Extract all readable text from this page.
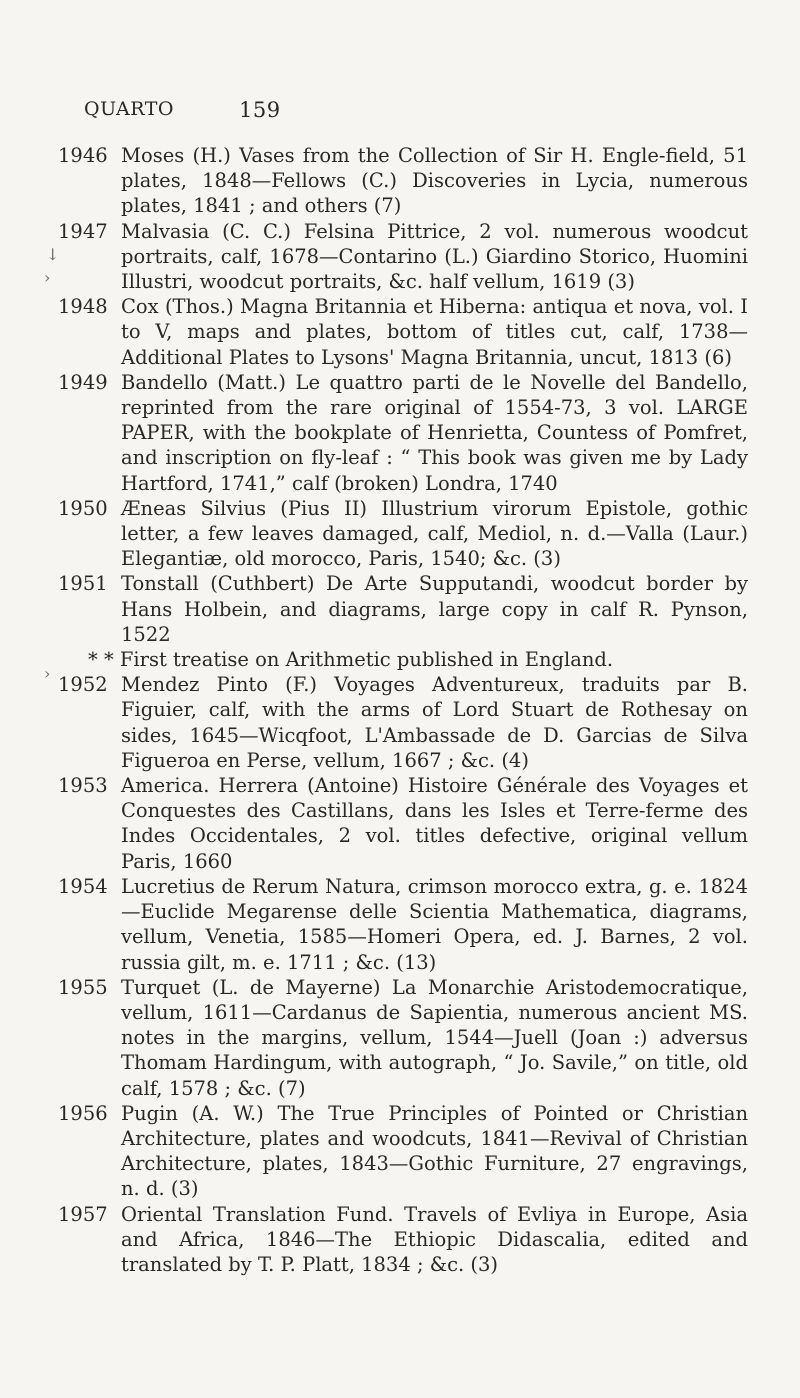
QUARTO	159
↓
›
›
1946 Moses (H.) Vases from the Collection of Sir H. Engle-field, 51 plates, 1848—Fellows (C.) Discoveries in Lycia, numerous plates, 1841 ; and others (7)
1947 Malvasia (C. C.) Felsina Pittrice, 2 vol. numerous woodcut portraits, calf, 1678—Contarino (L.) Giardino Storico, Huomini Illustri, woodcut portraits, &c. half vellum, 1619 (3)
1948 Cox (Thos.) Magna Britannia et Hiberna: antiqua et nova, vol. I to V, maps and plates, bottom of titles cut, calf, 1738—Additional Plates to Lysons' Magna Britannia, uncut, 1813 (6)
1949 Bandello (Matt.) Le quattro parti de le Novelle del Bandello, reprinted from the rare original of 1554-73, 3 vol. LARGE PAPER, with the bookplate of Henrietta, Countess of Pomfret, and inscription on fly-leaf : “ This book was given me by Lady Hartford, 1741,” calf (broken) Londra, 1740
1950 Æneas Silvius (Pius II) Illustrium virorum Epistole, gothic letter, a few leaves damaged, calf, Mediol, n. d.—Valla (Laur.) Elegantiæ, old morocco, Paris, 1540; &c. (3)
1951 Tonstall (Cuthbert) De Arte Supputandi, woodcut border by Hans Holbein, and diagrams, large copy in calf R. Pynson, 1522
* * First treatise on Arithmetic published in England.
1952 Mendez Pinto (F.) Voyages Adventureux, traduits par B. Figuier, calf, with the arms of Lord Stuart de Rothesay on sides, 1645—Wicqfoot, L'Ambassade de D. Garcias de Silva Figueroa en Perse, vellum, 1667 ; &c. (4)
1953 America. Herrera (Antoine) Histoire Générale des Voyages et Conquestes des Castillans, dans les Isles et Terre-ferme des Indes Occidentales, 2 vol. titles defective, original vellum Paris, 1660
1954 Lucretius de Rerum Natura, crimson morocco extra, g. e. 1824—Euclide Megarense delle Scientia Mathematica, diagrams, vellum, Venetia, 1585—Homeri Opera, ed. J. Barnes, 2 vol. russia gilt, m. e. 1711 ; &c. (13)
1955 Turquet (L. de Mayerne) La Monarchie Aristodemocratique, vellum, 1611—Cardanus de Sapientia, numerous ancient MS. notes in the margins, vellum, 1544—Juell (Joan :) adversus Thomam Hardingum, with autograph, “ Jo. Savile,” on title, old calf, 1578 ; &c. (7)
1956 Pugin (A. W.) The True Principles of Pointed or Christian Architecture, plates and woodcuts, 1841—Revival of Christian Architecture, plates, 1843—Gothic Furniture, 27 engravings, n. d. (3)
1957 Oriental Translation Fund. Travels of Evliya in Europe, Asia and Africa, 1846—The Ethiopic Didascalia, edited and translated by T. P. Platt, 1834 ; &c. (3)
